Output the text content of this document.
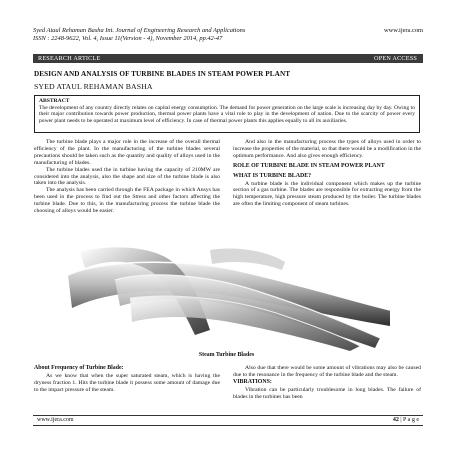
Syed Ataul Rehaman Basha Int. Journal of Engineering Research and Applications
ISSN : 2248-9622, Vol. 4, Issue 11(Version - 4), November 2014, pp.42-47
www.ijera.com
RESEARCH ARTICLE	OPEN ACCESS
DESIGN AND ANALYSIS OF TURBINE BLADES IN STEAM POWER PLANT
SYED ATAUL REHAMAN BASHA
ABSTRACT
The development of any country directly relates on capital energy consumption. The demand for power generation on the large scale is increasing day by day. Owing to their major contribution towards power production, thermal power plants have a vital role to play in the development of nation. Due to the scarcity of power every power plant needs to be operated at maximum level of efficiency. In case of thermal power plants this applies equally to all its auxiliaries.

The turbine blade plays a major role in the increase of the overall thermal efficiency of the plant. In the manufacturing of the turbine blades several precautions should be taken such as the quantity and quality of alloys used in the manufacturing of blades.

The turbine blades used the in turbine having the capacity of 210MW are considered into the analysis, also the shape and size of the turbine blade is also taken into the analysis.

The analysis has been carried through the FEA package in which Ansys has been used in the process to find out the Stress and other factors affecting the turbine blade. Due to this, in the manufacturing process the turbine blade the choosing of alloys would be easier.

And also in the manufacturing process the types of alloys used in order to increase the properties of the material, so that there would be a modification in the optimum performance. And also gives enough efficiency.

ROLE OF TURBINE BLADE IN STEAM POWER PLANT
WHAT IS TURBINE BLADE?

A turbine blade is the individual component which makes up the turbine section of a gas turbine. The blades are responsible for extracting energy from the high temperature, high pressure steam produced by the boiler. The turbine blades are often the limiting component of steam turbines.

Steam Turbine Blades
About Frequency of Turbine Blade:

As we know that when the super saturated steam, which is having the dryness fraction 1. Hits the turbine blade it possess some amount of damage due to the impact pressure of the steam.

Also due that there would be some amount of vibrations may also be caused due to the resonance in the frequency of the turbine blade and the steam.

VIBRATIONS:

Vibration can be particularly troublesome in long blades. The failure of blades in the turbines has been

www.ijera.com	42 | P a g e
